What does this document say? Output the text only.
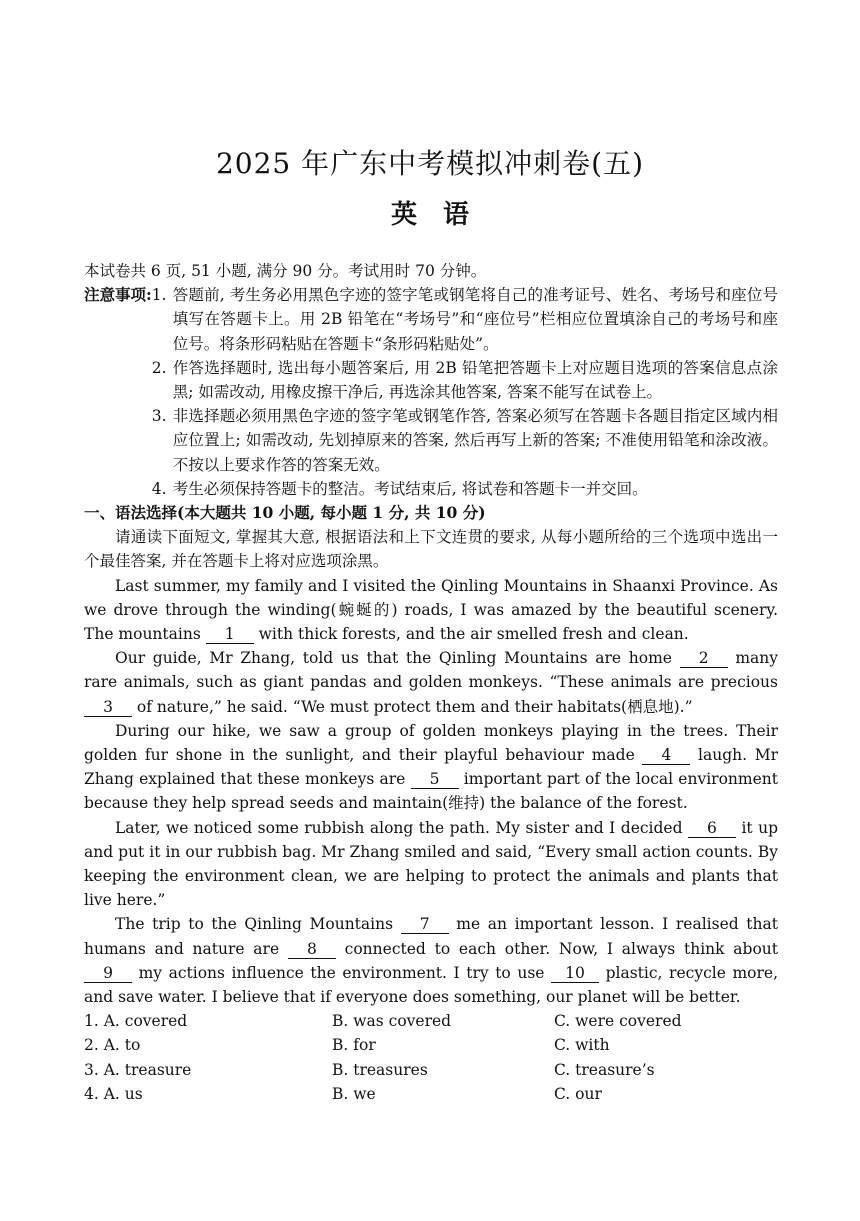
2025 年广东中考模拟冲刺卷(五)
英　语
本试卷共 6 页, 51 小题, 满分 90 分。考试用时 70 分钟。
注意事项: 1. 答题前, 考生务必用黑色字迹的签字笔或钢笔将自己的准考证号、姓名、考场号和座位号填写在答题卡上。用 2B 铅笔在“考场号”和“座位号”栏相应位置填涂自己的考场号和座位号。将条形码粘贴在答题卡“条形码粘贴处”。
2. 作答选择题时, 选出每小题答案后, 用 2B 铅笔把答题卡上对应题目选项的答案信息点涂黑; 如需改动, 用橡皮擦干净后, 再选涂其他答案, 答案不能写在试卷上。
3. 非选择题必须用黑色字迹的签字笔或钢笔作答, 答案必须写在答题卡各题目指定区域内相应位置上; 如需改动, 先划掉原来的答案, 然后再写上新的答案; 不准使用铅笔和涂改液。不按以上要求作答的答案无效。
4. 考生必须保持答题卡的整洁。考试结束后, 将试卷和答题卡一并交回。
一、语法选择(本大题共 10 小题, 每小题 1 分, 共 10 分)

请通读下面短文, 掌握其大意, 根据语法和上下文连贯的要求, 从每小题所给的三个选项中选出一个最佳答案, 并在答题卡上将对应选项涂黑。

Last summer, my family and I visited the Qinling Mountains in Shaanxi Province. As we drove through the winding(蜿蜒的) roads, I was amazed by the beautiful scenery. The mountains 1 with thick forests, and the air smelled fresh and clean.

Our guide, Mr Zhang, told us that the Qinling Mountains are home 2 many rare animals, such as giant pandas and golden monkeys. “These animals are precious 3 of nature,” he said. “We must protect them and their habitats(栖息地).”

During our hike, we saw a group of golden monkeys playing in the trees. Their golden fur shone in the sunlight, and their playful behaviour made 4 laugh. Mr Zhang explained that these monkeys are 5 important part of the local environment because they help spread seeds and maintain(维持) the balance of the forest.

Later, we noticed some rubbish along the path. My sister and I decided 6 it up and put it in our rubbish bag. Mr Zhang smiled and said, “Every small action counts. By keeping the environment clean, we are helping to protect the animals and plants that live here.”

The trip to the Qinling Mountains 7 me an important lesson. I realised that humans and nature are 8 connected to each other. Now, I always think about 9 my actions influence the environment. I try to use 10 plastic, recycle more, and save water. I believe that if everyone does something, our planet will be better.

1. A. covered	B. was covered	C. were covered
2. A. to	B. for	C. with
3. A. treasure	B. treasures	C. treasure’s
4. A. us	B. we	C. our
